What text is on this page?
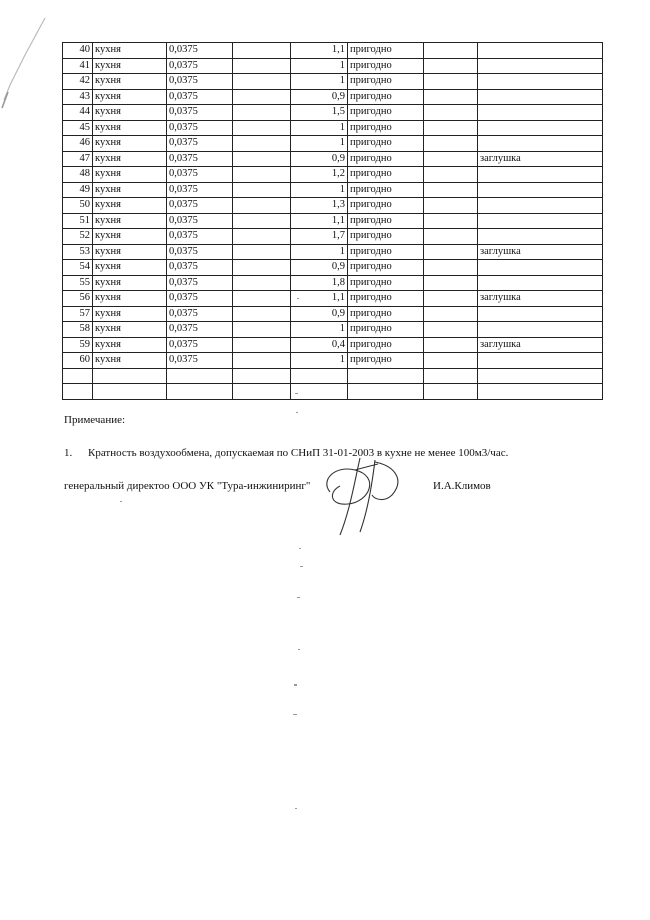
40	кухня	0,0375		1,1	пригодно		
41	кухня	0,0375		1	пригодно		
42	кухня	0,0375		1	пригодно		
43	кухня	0,0375		0,9	пригодно		
44	кухня	0,0375		1,5	пригодно		
45	кухня	0,0375		1	пригодно		
46	кухня	0,0375		1	пригодно		
47	кухня	0,0375		0,9	пригодно		заглушка
48	кухня	0,0375		1,2	пригодно		
49	кухня	0,0375		1	пригодно		
50	кухня	0,0375		1,3	пригодно		
51	кухня	0,0375		1,1	пригодно		
52	кухня	0,0375		1,7	пригодно		
53	кухня	0,0375		1	пригодно		заглушка
54	кухня	0,0375		0,9	пригодно		
55	кухня	0,0375		1,8	пригодно		
56	кухня	0,0375		1,1	пригодно		заглушка
57	кухня	0,0375		0,9	пригодно		
58	кухня	0,0375		1	пригодно		
59	кухня	0,0375		0,4	пригодно		заглушка
60	кухня	0,0375		1	пригодно		

Примечание:
1. Кратность воздухообмена, допускаемая по СНиП 31-01-2003 в кухне не менее 100м3/час.
генеральный директоо ООО УК "Тура-инжиниринг"	И.А.Климов
